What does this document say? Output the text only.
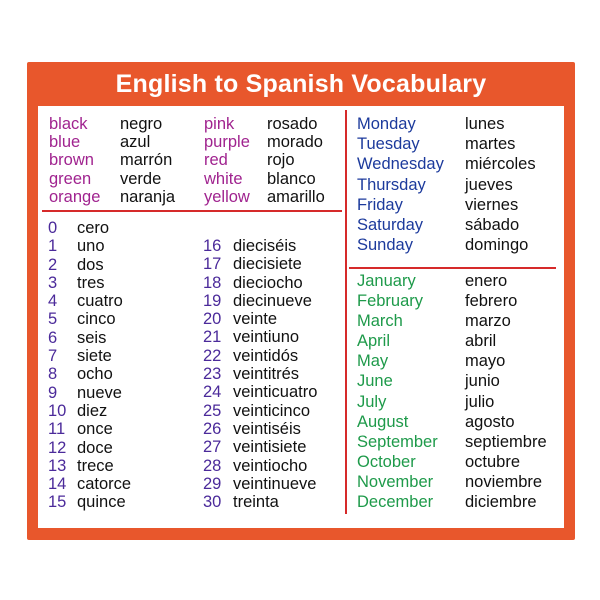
English to Spanish Vocabulary
black negro
blue azul
brown marrón
green verde
orange naranja
pink rosado
purple morado
red rojo
white blanco
yellow amarillo
0 cero
1 uno
2 dos
3 tres
4 cuatro
5 cinco
6 seis
7 siete
8 ocho
9 nueve
10 diez
11 once
12 doce
13 trece
14 catorce
15 quince
16 dieciséis
17 diecisiete
18 dieciocho
19 diecinueve
20 veinte
21 veintiuno
22 veintidós
23 veintitrés
24 veinticuatro
25 veinticinco
26 veintiséis
27 veintisiete
28 veintiocho
29 veintinueve
30 treinta
Monday	lunes
Tuesday	martes
Wednesday miércoles
Thursday jueves
Friday	viernes
Saturday	sábado
Sunday	domingo
January	enero
February	febrero
March	marzo
April	abril
May	mayo
June	junio
July	julio
August	agosto
September septiembre
October	octubre
November noviembre
December diciembre
